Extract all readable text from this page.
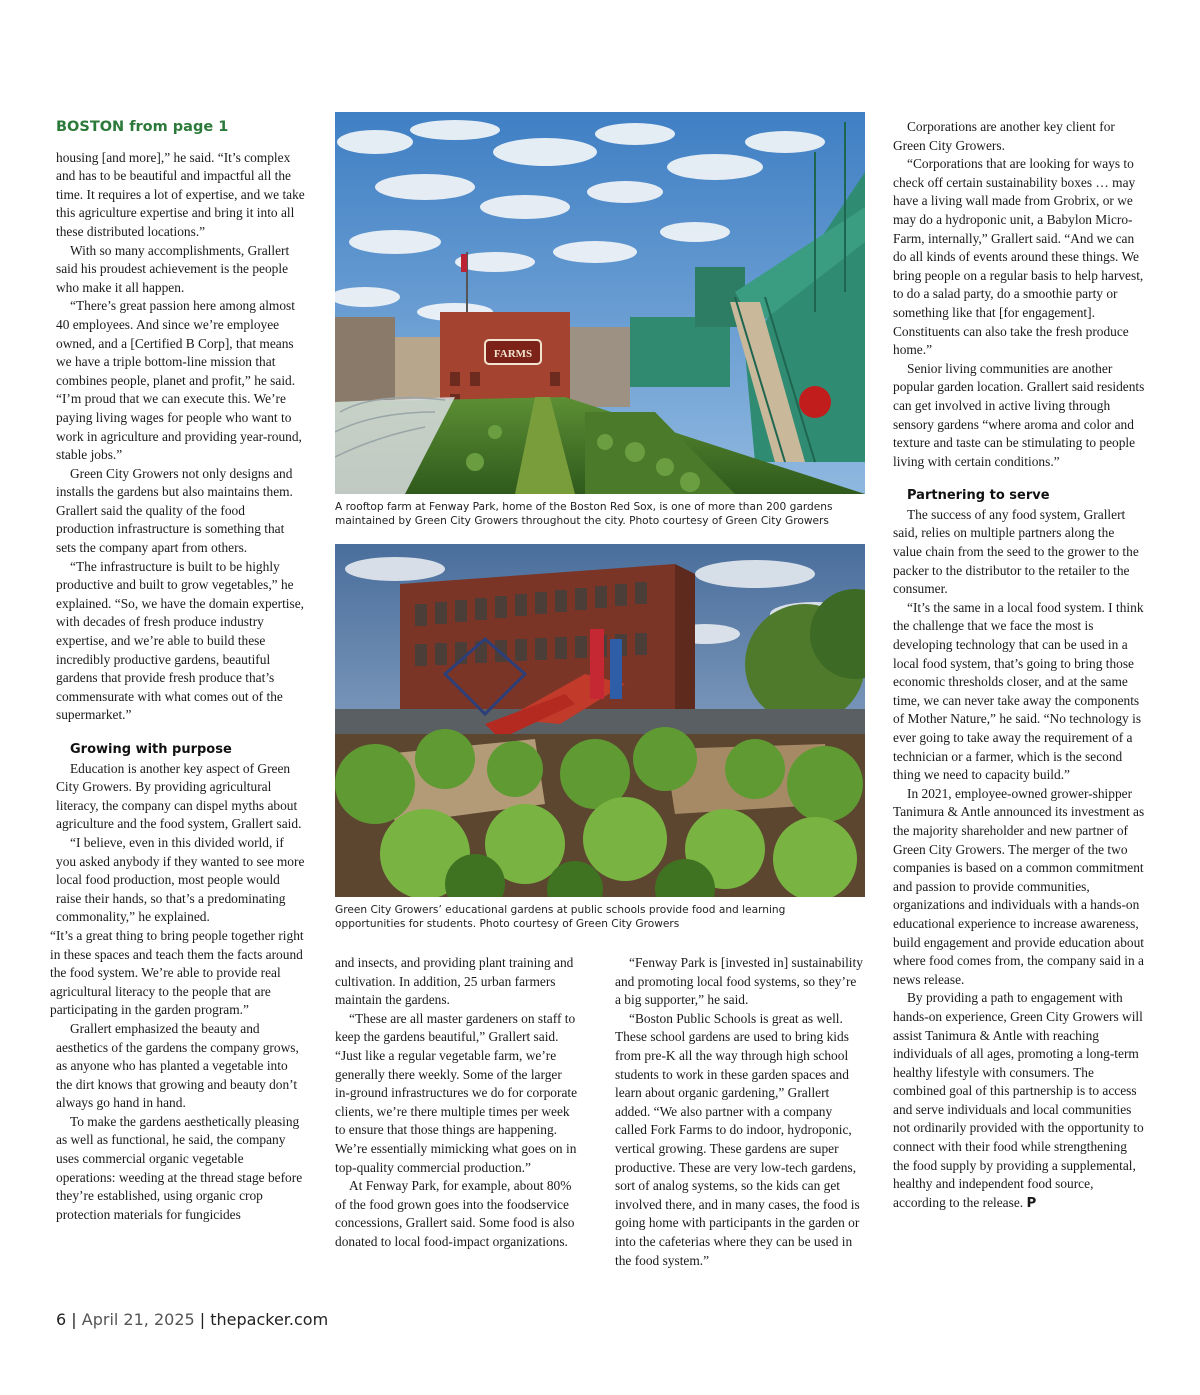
BOSTON from page 1

housing [and more],” he said. “It’s complex and has to be beautiful and impactful all the time. It requires a lot of expertise, and we take this agriculture expertise and bring it into all these distributed locations.”

With so many accomplishments, Grallert said his proudest achievement is the people who make it all happen.

“There’s great passion here among almost 40 employees. And since we’re employee owned, and a [Certified B Corp], that means we have a triple bottom-line mission that combines people, planet and profit,” he said. “I’m proud that we can execute this. We’re paying living wages for people who want to work in agriculture and providing year-round, stable jobs.”

Green City Growers not only designs and installs the gardens but also maintains them. Grallert said the quality of the food production infrastructure is something that sets the company apart from others.

“The infrastructure is built to be highly productive and built to grow vegetables,” he explained. “So, we have the domain expertise, with decades of fresh produce industry expertise, and we’re able to build these incredibly productive gardens, beautiful gardens that provide fresh produce that’s commensurate with what comes out of the supermarket.”

Growing with purpose

Education is another key aspect of Green City Growers. By providing agricultural literacy, the company can dispel myths about agriculture and the food system, Grallert said.

“I believe, even in this divided world, if you asked anybody if they wanted to see more local food production, most people would raise their hands, so that’s a predominating commonality,” he explained.

“It’s a great thing to bring people together right in these spaces and teach them the facts around the food system. We’re able to provide real agricultural literacy to the people that are participating in the garden program.”

Grallert emphasized the beauty and aesthetics of the gardens the company grows, as anyone who has planted a vegetable into the dirt knows that growing and beauty don’t always go hand in hand.

To make the gardens aesthetically pleasing as well as functional, he said, the company uses commercial organic vegetable operations: weeding at the thread stage before they’re established, using organic crop protection materials for fungicides

FARMS
A rooftop farm at Fenway Park, home of the Boston Red Sox, is one of more than 200 gardens maintained by Green City Growers throughout the city. Photo courtesy of Green City Growers
Green City Growers’ educational gardens at public schools provide food and learning opportunities for students. Photo courtesy of Green City Growers

and insects, and providing plant training and cultivation. In addition, 25 urban farmers maintain the gardens.

“These are all master gardeners on staff to keep the gardens beautiful,” Grallert said. “Just like a regular vegetable farm, we’re generally there weekly. Some of the larger in-ground infrastructures we do for corporate clients, we’re there multiple times per week to ensure that those things are happening. We’re essentially mimicking what goes on in top-quality commercial production.”

At Fenway Park, for example, about 80% of the food grown goes into the foodservice concessions, Grallert said. Some food is also donated to local food-impact organizations.

“Fenway Park is [invested in] sustainability and promoting local food systems, so they’re a big supporter,” he said.

“Boston Public Schools is great as well. These school gardens are used to bring kids from pre-K all the way through high school students to work in these garden spaces and learn about organic gardening,” Grallert added. “We also partner with a company called Fork Farms to do indoor, hydroponic, vertical growing. These gardens are super productive. These are very low-tech gardens, sort of analog systems, so the kids can get involved there, and in many cases, the food is going home with participants in the garden or into the cafeterias where they can be used in the food system.”

Corporations are another key client for Green City Growers.

“Corporations that are looking for ways to check off certain sustainability boxes … may have a living wall made from Grobrix, or we may do a hydroponic unit, a Babylon Micro-Farm, internally,” Grallert said. “And we can do all kinds of events around these things. We bring people on a regular basis to help harvest, to do a salad party, do a smoothie party or something like that [for engagement]. Constituents can also take the fresh produce home.”

Senior living communities are another popular garden location. Grallert said residents can get involved in active living through sensory gardens “where aroma and color and texture and taste can be stimulating to people living with certain conditions.”

Partnering to serve

The success of any food system, Grallert said, relies on multiple partners along the value chain from the seed to the grower to the packer to the distributor to the retailer to the consumer.

“It’s the same in a local food system. I think the challenge that we face the most is developing technology that can be used in a local food system, that’s going to bring those economic thresholds closer, and at the same time, we can never take away the components of Mother Nature,” he said. “No technology is ever going to take away the requirement of a technician or a farmer, which is the second thing we need to capacity build.”

In 2021, employee-owned grower-shipper Tanimura & Antle announced its investment as the majority shareholder and new partner of Green City Growers. The merger of the two companies is based on a common commitment and passion to provide communities, organizations and individuals with a hands-on educational experience to increase awareness, build engagement and provide education about where food comes from, the company said in a news release.

By providing a path to engagement with hands-on experience, Green City Growers will assist Tanimura & Antle with reaching individuals of all ages, promoting a long-term healthy lifestyle with consumers. The combined goal of this partnership is to access and serve individuals and local communities not ordinarily provided with the opportunity to connect with their food while strengthening the food supply by providing a supplemental, healthy and independent food source, according to the release. P

6 | April 21, 2025 | thepacker.com
